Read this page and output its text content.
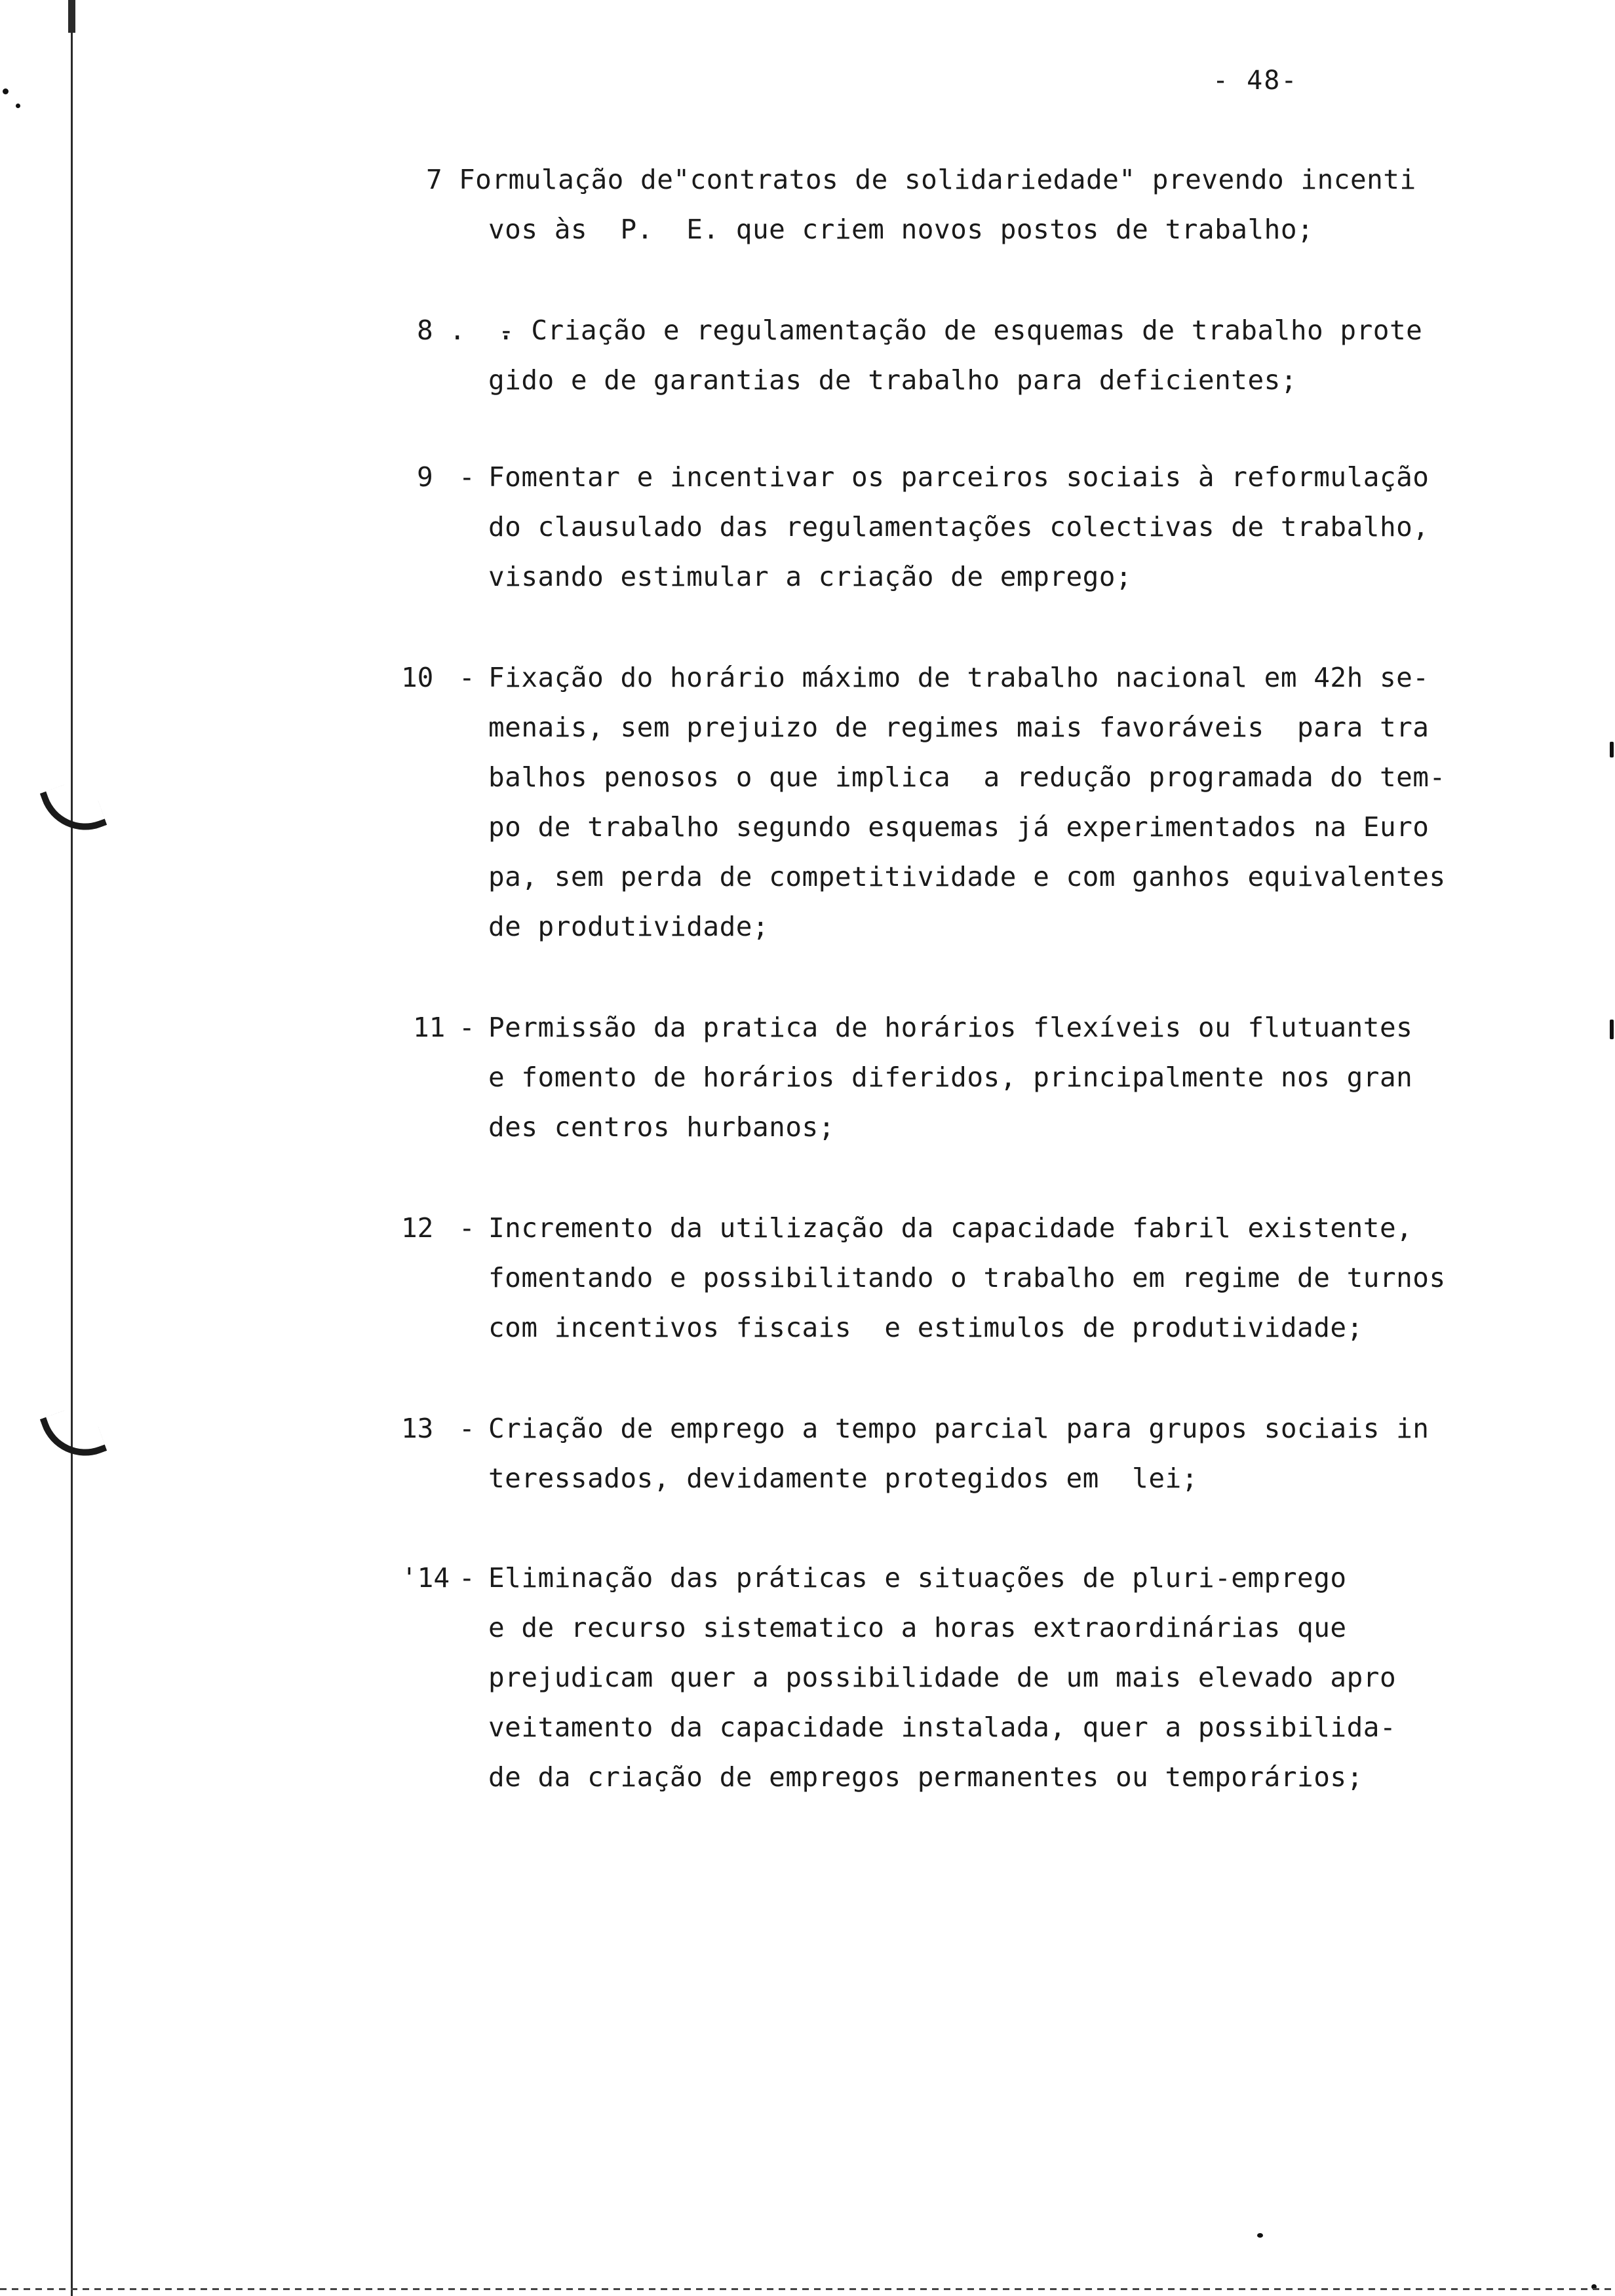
- 48-
7 Formulação de"contratos de solidariedade" prevendo incenti
vos às  P.  E. que criem novos postos de trabalho;
8 .  .
- Criação e regulamentação de esquemas de trabalho prote
gido e de garantias de trabalho para deficientes;
9 - Fomentar e incentivar os parceiros sociais à reformulação
do clausulado das regulamentações colectivas de trabalho,
visando estimular a criação de emprego;
10 - Fixação do horário máximo de trabalho nacional em 42h se-
menais, sem prejuizo de regimes mais favoráveis  para tra
balhos penosos o que implica  a redução programada do tem-
po de trabalho segundo esquemas já experimentados na Euro
pa, sem perda de competitividade e com ganhos equivalentes
de produtividade;
11 - Permissão da pratica de horários flexíveis ou flutuantes
e fomento de horários diferidos, principalmente nos gran
des centros hurbanos;
12 - Incremento da utilização da capacidade fabril existente,
fomentando e possibilitando o trabalho em regime de turnos
com incentivos fiscais  e estimulos de produtividade;
13 - Criação de emprego a tempo parcial para grupos sociais in
teressados, devidamente protegidos em  lei;
'14 - Eliminação das práticas e situações de pluri-emprego
e de recurso sistematico a horas extraordinárias que
prejudicam quer a possibilidade de um mais elevado apro
veitamento da capacidade instalada, quer a possibilida-
de da criação de empregos permanentes ou temporários;
